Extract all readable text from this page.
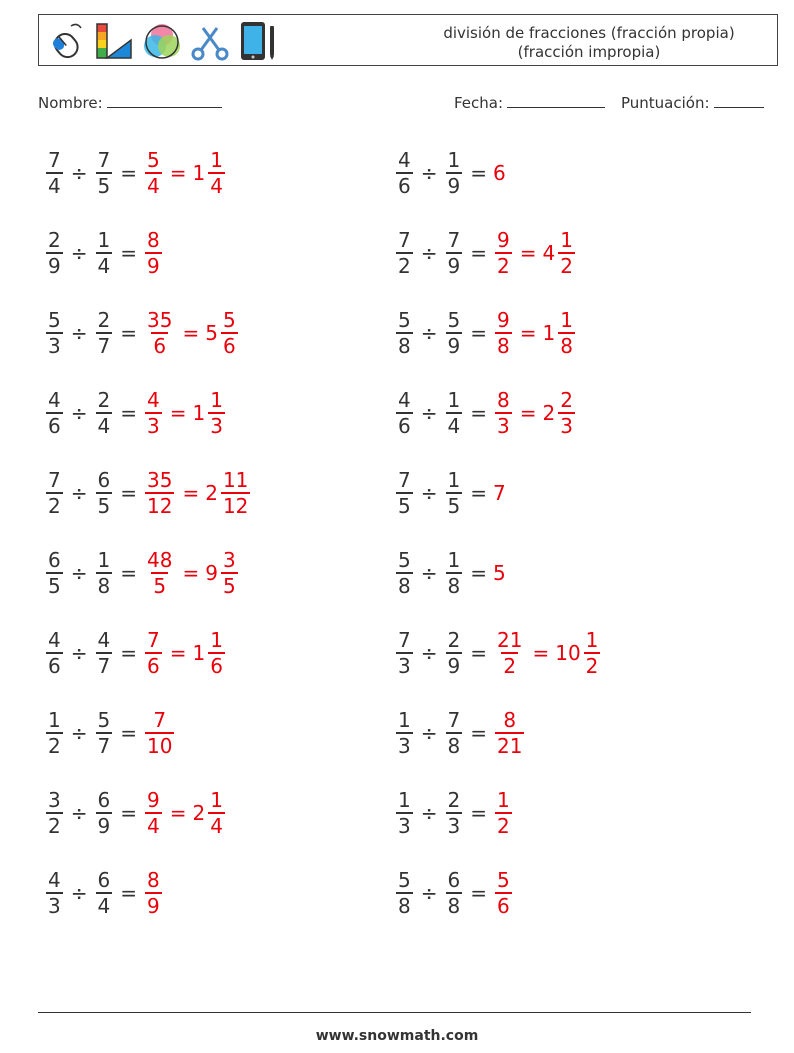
división de fracciones (fracción propia)
(fracción impropia)
Nombre:	Fecha:	Puntuación:
$\frac{7}{4} \div \frac{7}{5} = \frac{5}{4} = 1 \frac{1}{4}$	$\frac{4}{6} \div \frac{1}{9} = 6$
$\frac{2}{9} \div \frac{1}{4} = \frac{8}{9}$	$\frac{7}{2} \div \frac{7}{9} = \frac{9}{2} = 4 \frac{1}{2}$
$\frac{5}{3} \div \frac{2}{7} = \frac{35}{6} = 5 \frac{5}{6}$	$\frac{5}{8} \div \frac{5}{9} = \frac{9}{8} = 1 \frac{1}{8}$
$\frac{4}{6} \div \frac{2}{4} = \frac{4}{3} = 1 \frac{1}{3}$	$\frac{4}{6} \div \frac{1}{4} = \frac{8}{3} = 2 \frac{2}{3}$
$\frac{7}{2} \div \frac{6}{5} = \frac{35}{12} = 2 \frac{11}{12}$	$\frac{7}{5} \div \frac{1}{5} = 7$
$\frac{6}{5} \div \frac{1}{8} = \frac{48}{5} = 9 \frac{3}{5}$	$\frac{5}{8} \div \frac{1}{8} = 5$
$\frac{4}{6} \div \frac{4}{7} = \frac{7}{6} = 1 \frac{1}{6}$	$\frac{7}{3} \div \frac{2}{9} = \frac{21}{2} = 10 \frac{1}{2}$
$\frac{1}{2} \div \frac{5}{7} = \frac{7}{10}$	$\frac{1}{3} \div \frac{7}{8} = \frac{8}{21}$
$\frac{3}{2} \div \frac{6}{9} = \frac{9}{4} = 2 \frac{1}{4}$	$\frac{1}{3} \div \frac{2}{3} = \frac{1}{2}$
$\frac{4}{3} \div \frac{6}{4} = \frac{8}{9}$	$\frac{5}{8} \div \frac{6}{8} = \frac{5}{6}$
www.snowmath.com
